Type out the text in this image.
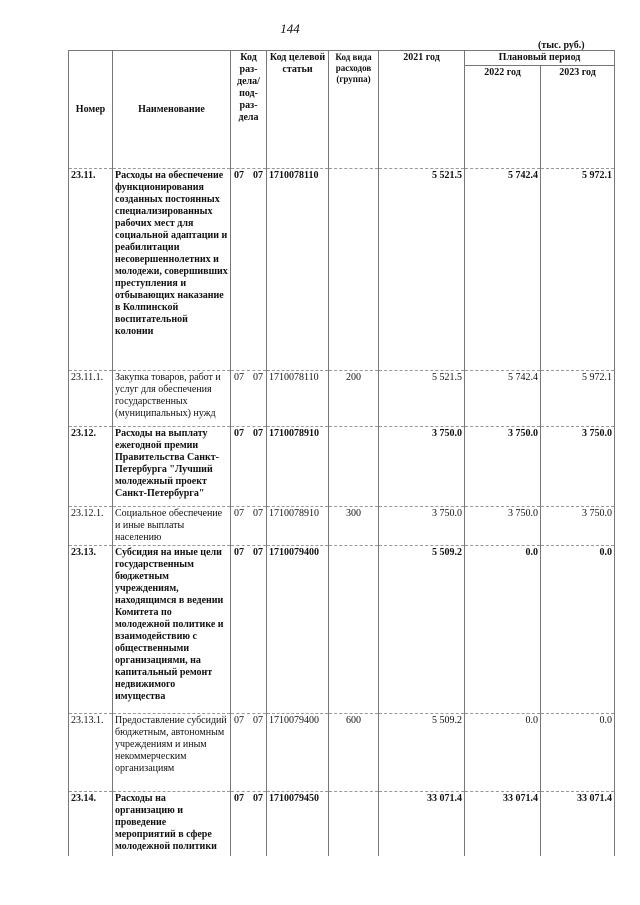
144
(тыс. руб.)
Номер	Наименование	Код раз-дела/ под-раз-дела	Код целевой статьи	Код вида расходов (группа)	2021 год	Плановый период	
						2022 год	2023 год
23.11.	Расходы на обеспечение функционирования созданных постоянных специализированных рабочих мест для социальной адаптации и реабилитации несовершеннолетних и молодежи, совершивших преступления и отбывающих наказание в Колпинской воспитательной колонии	07 07	1710078110		5 521.5	5 742.4	5 972.1
23.11.1.	Закупка товаров, работ и услуг для обеспечения государственных (муниципальных) нужд	07 07	1710078110	200	5 521.5	5 742.4	5 972.1
23.12.	Расходы на выплату ежегодной премии Правительства Санкт-Петербурга "Лучший молодежный проект Санкт-Петербурга"	07 07	1710078910		3 750.0	3 750.0	3 750.0
23.12.1.	Социальное обеспечение и иные выплаты населению	07 07	1710078910	300	3 750.0	3 750.0	3 750.0
23.13.	Субсидия на иные цели государственным бюджетным учреждениям, находящимся в ведении Комитета по молодежной политике и взаимодействию с общественными организациями, на капитальный ремонт недвижимого имущества	07 07	1710079400		5 509.2	0.0	0.0
23.13.1.	Предоставление субсидий бюджетным, автономным учреждениям и иным некоммерческим организациям	07 07	1710079400	600	5 509.2	0.0	0.0
23.14.	Расходы на организацию и проведение мероприятий в сфере молодежной политики	07 07	1710079450		33 071.4	33 071.4	33 071.4
